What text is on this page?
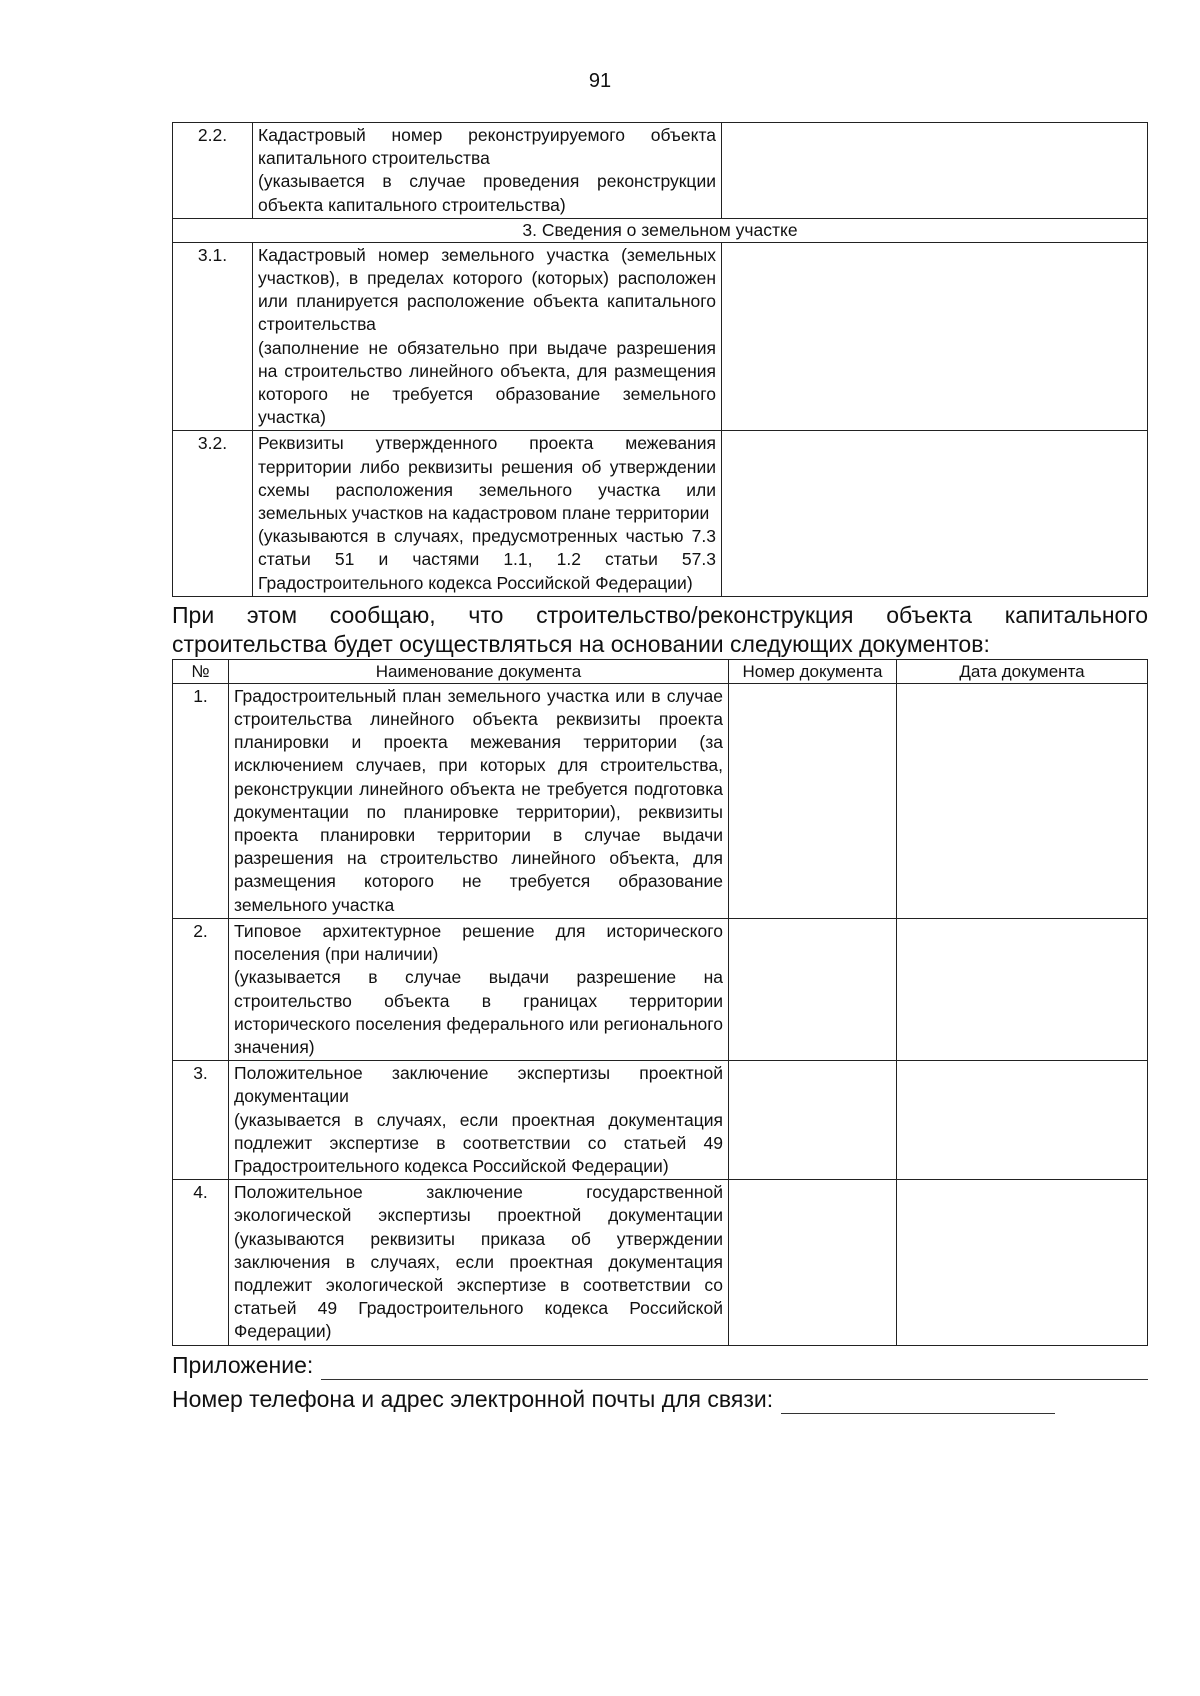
91
2.2.	Кадастровый номер реконструируемого объекта капитального строительства
(указывается в случае проведения реконструкции объекта капитального строительства)

3. Сведения о земельном участке
3.1.	Кадастровый номер земельного участка (земельных участков), в пределах которого (которых) расположен или планируется расположение объекта капитального строительства
(заполнение не обязательно при выдаче разрешения на строительство линейного объекта, для размещения которого не требуется образование земельного участка)	

3.2.	Реквизиты утвержденного проекта межевания территории либо реквизиты решения об утверждении схемы расположения земельного участка или земельных участков на кадастровом плане территории
(указываются в случаях, предусмотренных частью 7.3 статьи 51 и частями 1.1, 1.2 статьи 57.3 Градостроительного кодекса Российской Федерации)	

При этом сообщаю, что строительство/реконструкция объекта капитального строительства будет осуществляться на основании следующих документов:

№	Наименование документа	Номер документа	Дата документа
1.	Градостроительный план земельного участка или в случае строительства линейного объекта реквизиты проекта планировки и проекта межевания территории (за исключением случаев, при которых для строительства, реконструкции линейного объекта не требуется подготовка документации по планировке территории), реквизиты проекта планировки территории в случае выдачи разрешения на строительство линейного объекта, для размещения которого не требуется образование земельного участка		

2.	Типовое архитектурное решение для исторического поселения (при наличии)
(указывается в случае выдачи разрешение на строительство объекта в границах территории исторического поселения федерального или регионального значения)		

3.	Положительное заключение экспертизы проектной документации
(указывается в случаях, если проектная документация подлежит экспертизе в соответствии со статьей 49 Градостроительного кодекса Российской Федерации)		

4.	Положительное заключение государственной экологической экспертизы проектной документации (указываются реквизиты приказа об утверждении заключения в случаях, если проектная документация подлежит экологической экспертизе в соответствии со статьей 49 Градостроительного кодекса Российской Федерации)		

Приложение:
Номер телефона и адрес электронной почты для связи:
